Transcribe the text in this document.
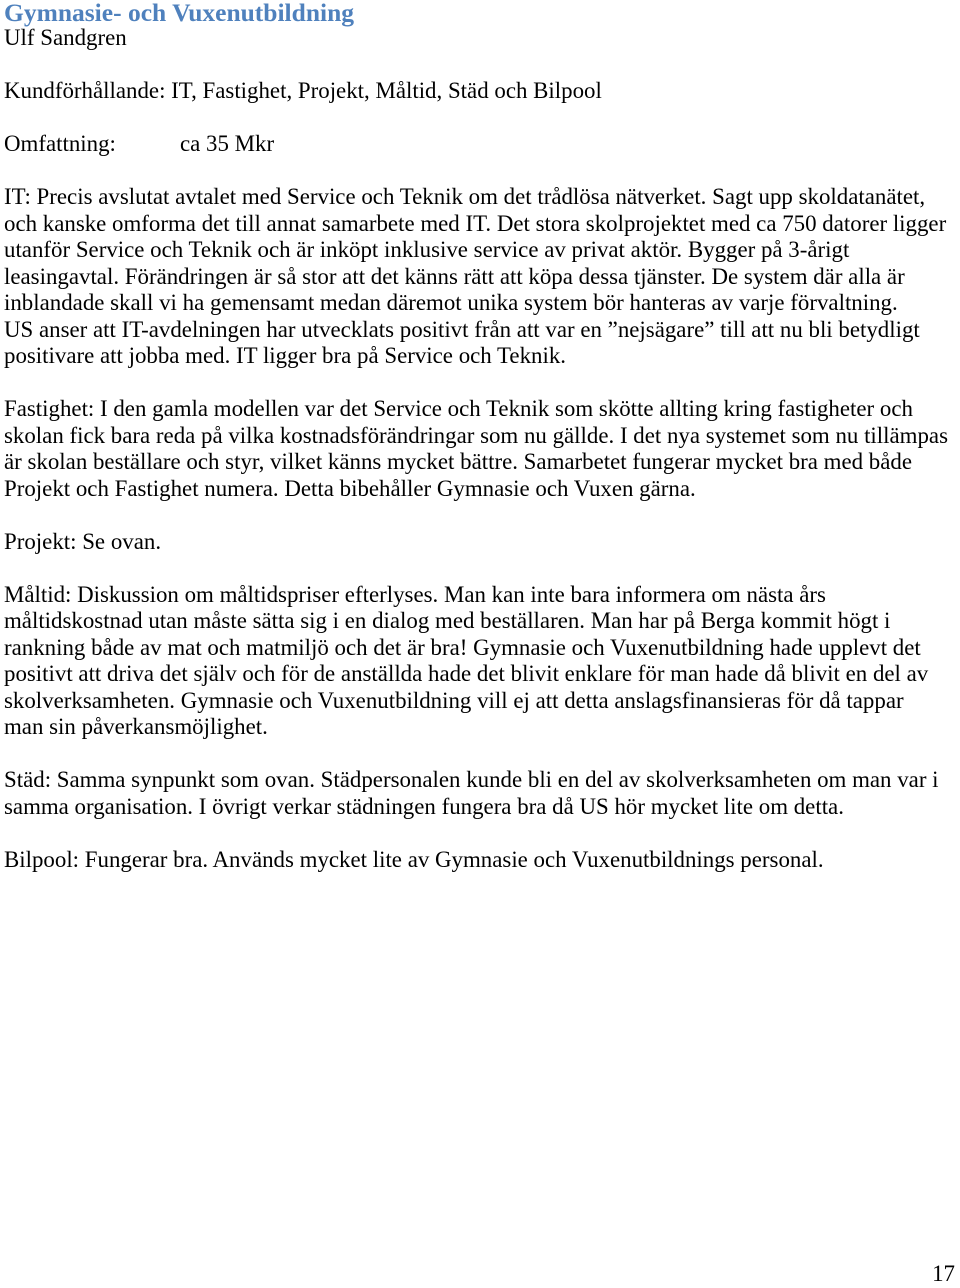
Gymnasie- och Vuxenutbildning
Ulf Sandgren
Kundförhållande: IT, Fastighet, Projekt, Måltid, Städ och Bilpool
Omfattning:	ca 35 Mkr
IT: Precis avslutat avtalet med Service och Teknik om det trådlösa nätverket. Sagt upp skoldatanätet,
och kanske omforma det till annat samarbete med IT. Det stora skolprojektet med ca 750 datorer ligger
utanför Service och Teknik och är inköpt inklusive service av privat aktör. Bygger på 3-årigt
leasingavtal. Förändringen är så stor att det känns rätt att köpa dessa tjänster. De system där alla är
inblandade skall vi ha gemensamt medan däremot unika system bör hanteras av varje förvaltning.
US anser att IT-avdelningen har utvecklats positivt från att var en ”nejsägare” till att nu bli betydligt
positivare att jobba med. IT ligger bra på Service och Teknik.
Fastighet: I den gamla modellen var det Service och Teknik som skötte allting kring fastigheter och
skolan fick bara reda på vilka kostnadsförändringar som nu gällde. I det nya systemet som nu tillämpas
är skolan beställare och styr, vilket känns mycket bättre. Samarbetet fungerar mycket bra med både
Projekt och Fastighet numera. Detta bibehåller Gymnasie och Vuxen gärna.
Projekt: Se ovan.
Måltid: Diskussion om måltidspriser efterlyses. Man kan inte bara informera om nästa års
måltidskostnad utan måste sätta sig i en dialog med beställaren. Man har på Berga kommit högt i
rankning både av mat och matmiljö och det är bra! Gymnasie och Vuxenutbildning hade upplevt det
positivt att driva det själv och för de anställda hade det blivit enklare för man hade då blivit en del av
skolverksamheten. Gymnasie och Vuxenutbildning vill ej att detta anslagsfinansieras för då tappar
man sin påverkansmöjlighet.
Städ: Samma synpunkt som ovan. Städpersonalen kunde bli en del av skolverksamheten om man var i
samma organisation. I övrigt verkar städningen fungera bra då US hör mycket lite om detta.
Bilpool: Fungerar bra. Används mycket lite av Gymnasie och Vuxenutbildnings personal.
17
